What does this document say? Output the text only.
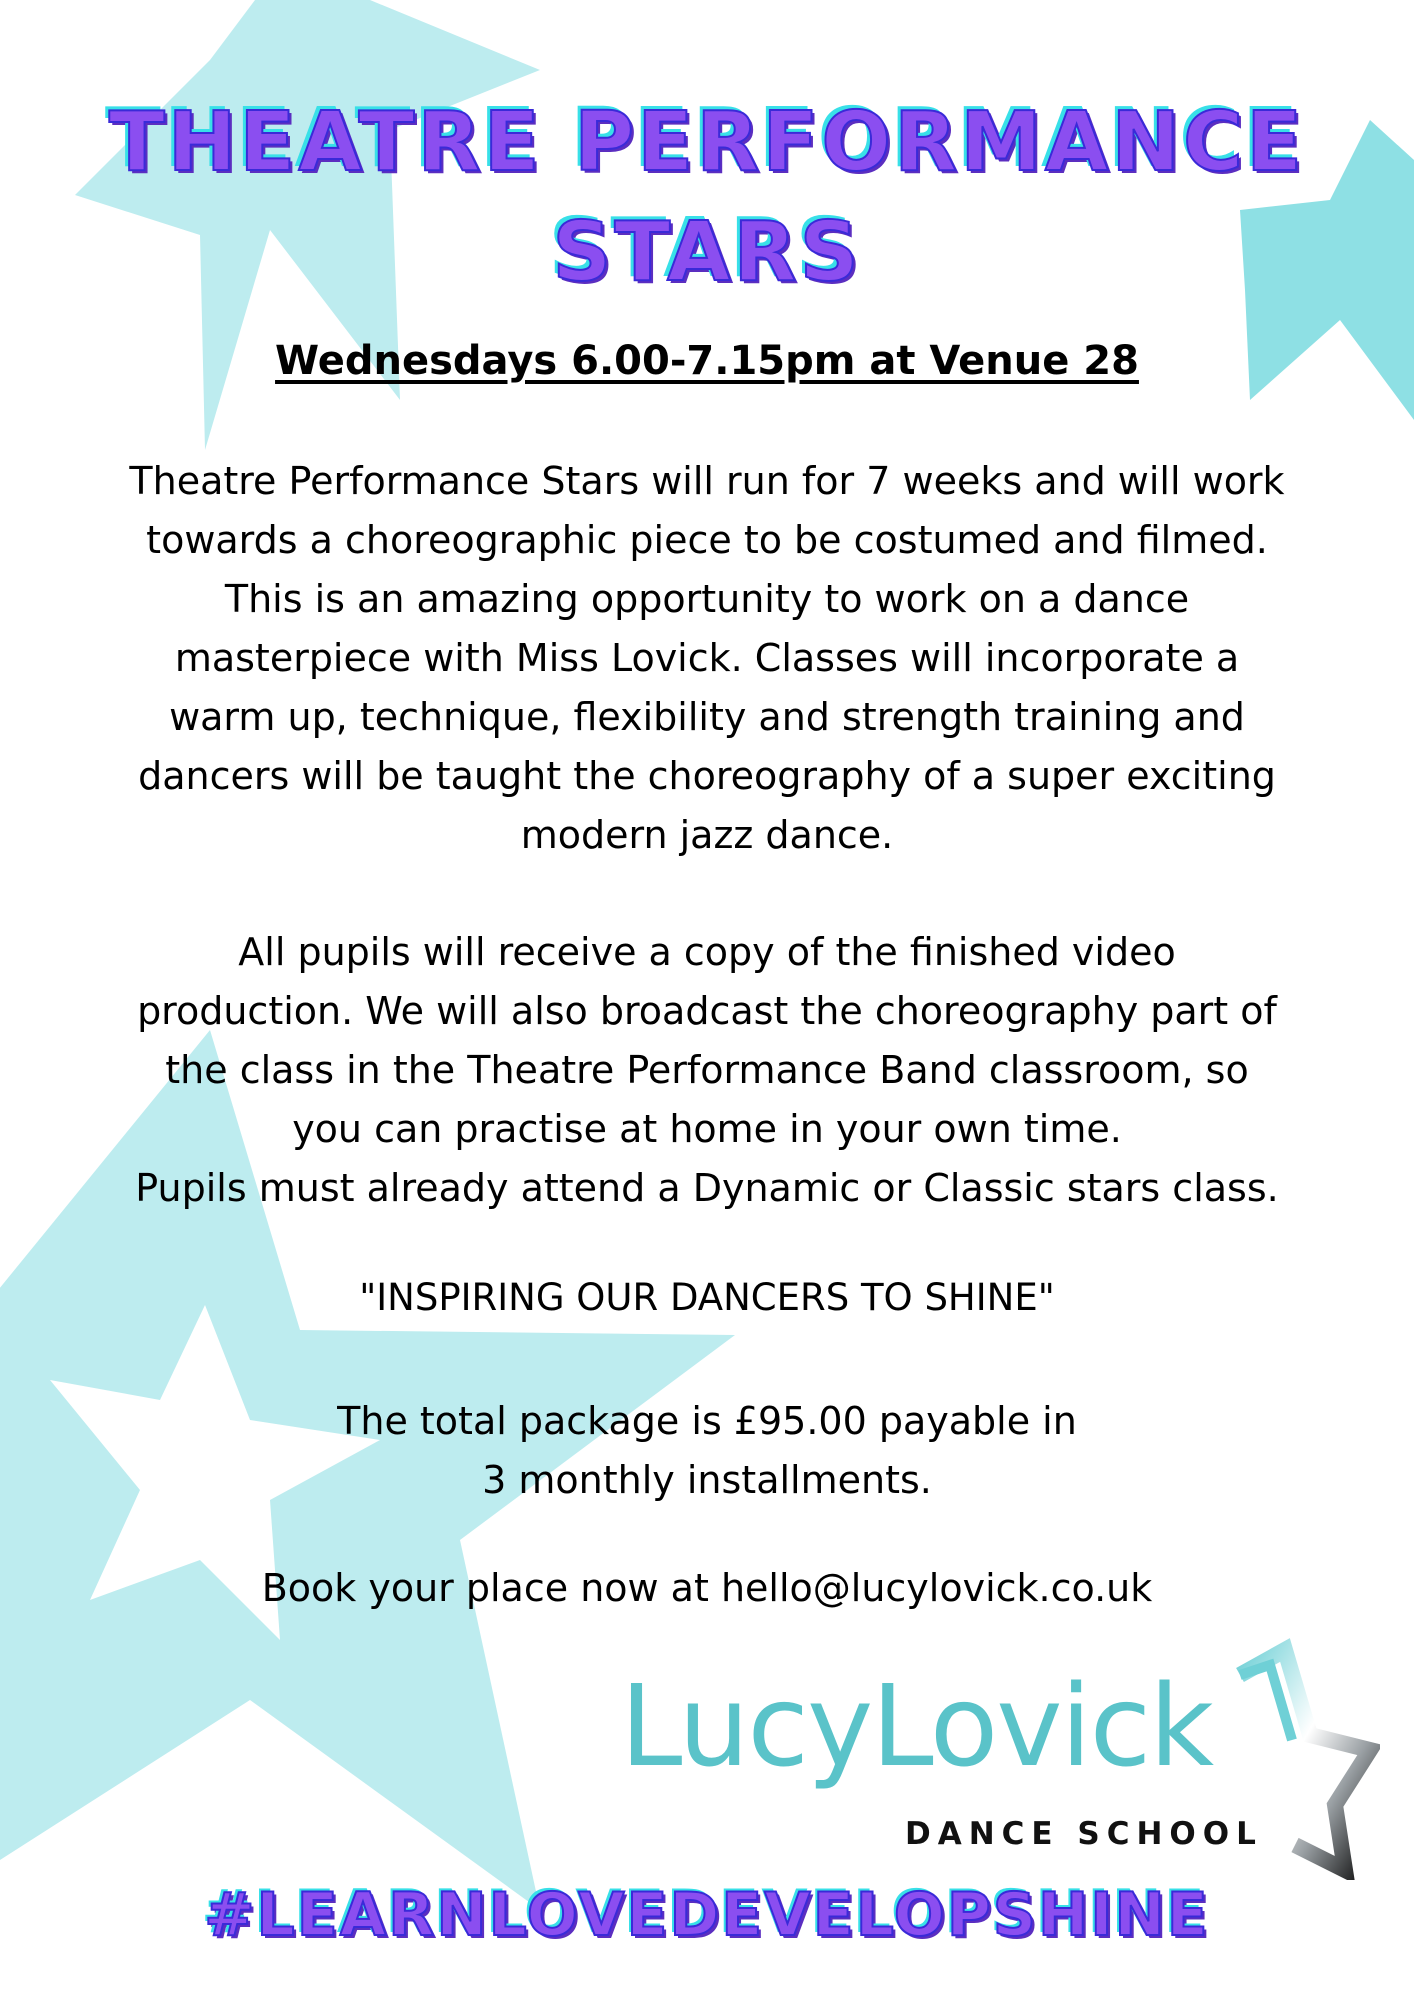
THEATRE PERFORMANCE
STARS
Wednesdays 6.00-7.15pm at Venue 28
Theatre Performance Stars will run for 7 weeks and will work
towards a choreographic piece to be costumed and filmed.
This is an amazing opportunity to work on a dance
masterpiece with Miss Lovick. Classes will incorporate a
warm up, technique, flexibility and strength training and
dancers will be taught the choreography of a super exciting
modern jazz dance.
All pupils will receive a copy of the finished video
production. We will also broadcast the choreography part of
the class in the Theatre Performance Band classroom, so
you can practise at home in your own time.
Pupils must already attend a Dynamic or Classic stars class.
"INSPIRING OUR DANCERS TO SHINE"
The total package is £95.00 payable in
3 monthly installments.
Book your place now at hello@lucylovick.co.uk
LucyLovick
DANCE SCHOOL
#LEARNLOVEDEVELOPSHINE
